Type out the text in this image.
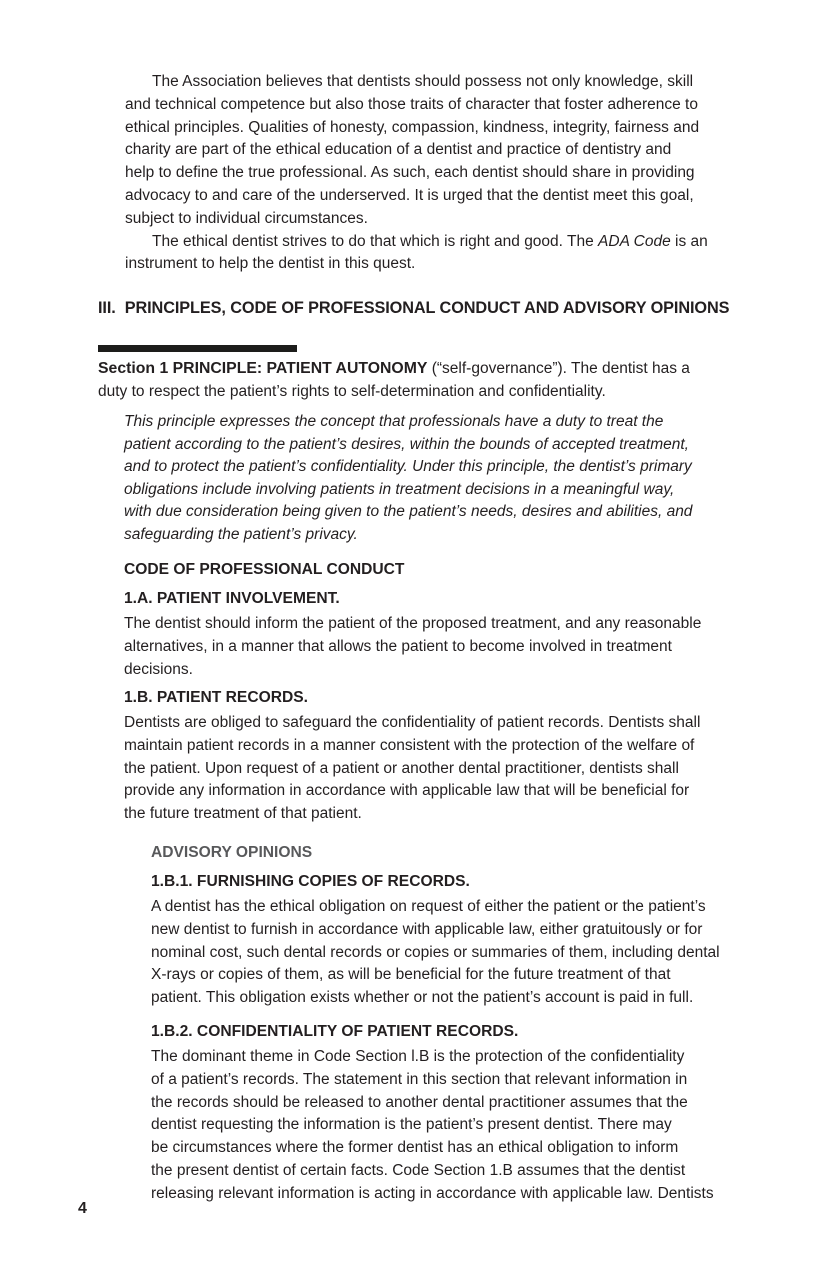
The Association believes that dentists should possess not only knowledge, skill
and technical competence but also those traits of character that foster adherence to
ethical principles. Qualities of honesty, compassion, kindness, integrity, fairness and
charity are part of the ethical education of a dentist and practice of dentistry and
help to define the true professional. As such, each dentist should share in providing
advocacy to and care of the underserved. It is urged that the dentist meet this goal,
subject to individual circumstances.
The ethical dentist strives to do that which is right and good. The ADA Code is an
instrument to help the dentist in this quest.
III. PRINCIPLES, CODE OF PROFESSIONAL CONDUCT AND ADVISORY OPINIONS
Section 1 PRINCIPLE: PATIENT AUTONOMY (“self-governance”). The dentist has a
duty to respect the patient’s rights to self-determination and confidentiality.
This principle expresses the concept that professionals have a duty to treat the
patient according to the patient’s desires, within the bounds of accepted treatment,
and to protect the patient’s confidentiality. Under this principle, the dentist’s primary
obligations include involving patients in treatment decisions in a meaningful way,
with due consideration being given to the patient’s needs, desires and abilities, and
safeguarding the patient’s privacy.
CODE OF PROFESSIONAL CONDUCT
1.A. PATIENT INVOLVEMENT.
The dentist should inform the patient of the proposed treatment, and any reasonable
alternatives, in a manner that allows the patient to become involved in treatment
decisions.
1.B. PATIENT RECORDS.
Dentists are obliged to safeguard the confidentiality of patient records. Dentists shall
maintain patient records in a manner consistent with the protection of the welfare of
the patient. Upon request of a patient or another dental practitioner, dentists shall
provide any information in accordance with applicable law that will be beneficial for
the future treatment of that patient.
ADVISORY OPINIONS
1.B.1. FURNISHING COPIES OF RECORDS.
A dentist has the ethical obligation on request of either the patient or the patient’s
new dentist to furnish in accordance with applicable law, either gratuitously or for
nominal cost, such dental records or copies or summaries of them, including dental
X-rays or copies of them, as will be beneficial for the future treatment of that
patient. This obligation exists whether or not the patient’s account is paid in full.
1.B.2. CONFIDENTIALITY OF PATIENT RECORDS.
The dominant theme in Code Section l.B is the protection of the confidentiality
of a patient’s records. The statement in this section that relevant information in
the records should be released to another dental practitioner assumes that the
dentist requesting the information is the patient’s present dentist. There may
be circumstances where the former dentist has an ethical obligation to inform
the present dentist of certain facts. Code Section 1.B assumes that the dentist
releasing relevant information is acting in accordance with applicable law. Dentists
4
